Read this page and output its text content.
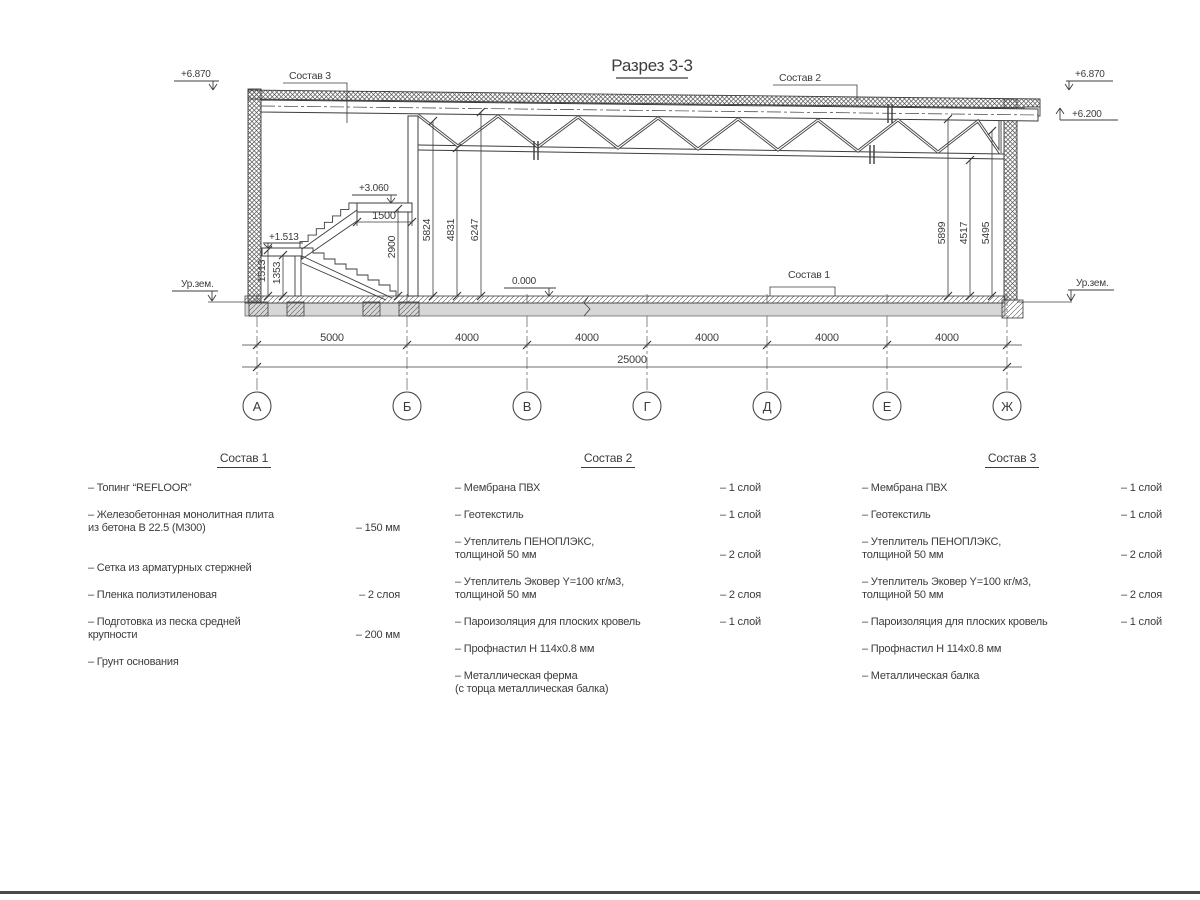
Разрез 3-3
+6.870	+6.870
+6.200
0.000
+3.060
+1.513
Ур.зем.	Ур.зем.
Состав 3	Состав 2
Состав 1
1513 1353
2900
5824 4831 6247
1500
5899 4517 5495
5000	4000	4000	4000	4000	4000
25000
А	Б	В	Г	Д	Е	Ж
Состав 1
– Топинг “REFLOOR”
– Железобетонная монолитная плита
из бетона В 22.5 (М300)	– 150 мм
– Сетка из арматурных стержней
– Пленка полиэтиленовая	– 2 слоя
– Подготовка из песка средней
крупности	– 200 мм
– Грунт основания
Состав 2
– Мембрана ПВХ	– 1 слой
– Геотекстиль	– 1 слой
– Утеплитель ПЕНОПЛЭКС,
толщиной 50 мм	– 2 слой
– Утеплитель Эковер Y=100 кг/м3,
толщиной 50 мм	– 2 слоя
– Пароизоляция для плоских кровель	– 1 слой
– Профнастил Н 114х0.8 мм
– Металлическая ферма
(с торца металлическая балка)
Состав 3
– Мембрана ПВХ	– 1 слой
– Геотекстиль	– 1 слой
– Утеплитель ПЕНОПЛЭКС,
толщиной 50 мм	– 2 слой
– Утеплитель Эковер Y=100 кг/м3,
толщиной 50 мм	– 2 слоя
– Пароизоляция для плоских кровель	– 1 слой
– Профнастил Н 114х0.8 мм
– Металлическая балка
